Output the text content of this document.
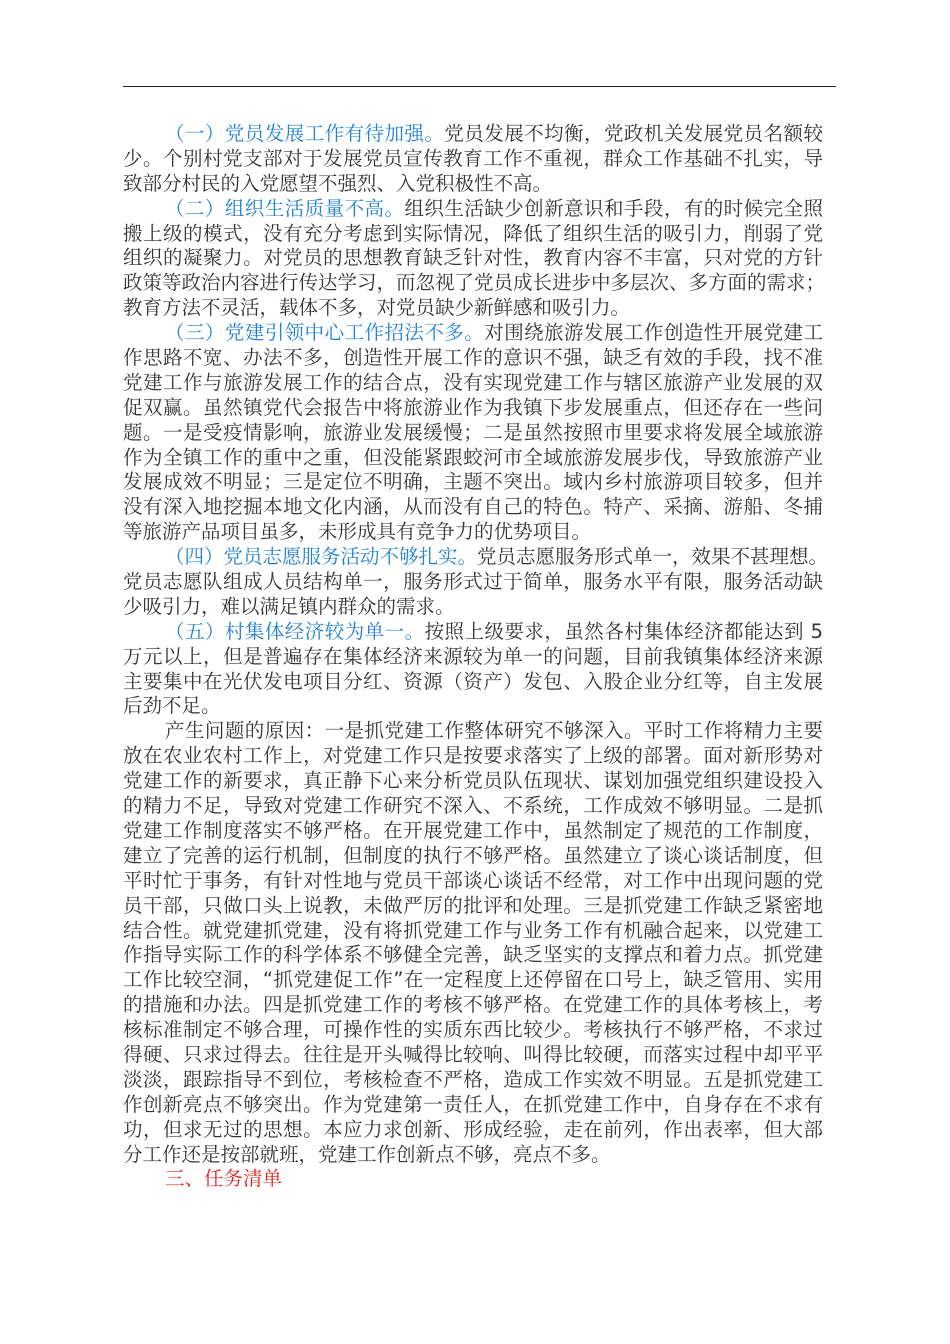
（一）党员发展工作有待加强。党员发展不均衡，党政机关发展党员名额较
少。个别村党支部对于发展党员宣传教育工作不重视，群众工作基础不扎实，导
致部分村民的入党愿望不强烈、入党积极性不高。
（二）组织生活质量不高。组织生活缺少创新意识和手段，有的时候完全照
搬上级的模式，没有充分考虑到实际情况，降低了组织生活的吸引力，削弱了党
组织的凝聚力。对党员的思想教育缺乏针对性，教育内容不丰富，只对党的方针
政策等政治内容进行传达学习，而忽视了党员成长进步中多层次、多方面的需求；
教育方法不灵活，载体不多，对党员缺少新鲜感和吸引力。
（三）党建引领中心工作招法不多。对围绕旅游发展工作创造性开展党建工
作思路不宽、办法不多，创造性开展工作的意识不强，缺乏有效的手段，找不准
党建工作与旅游发展工作的结合点，没有实现党建工作与辖区旅游产业发展的双
促双赢。虽然镇党代会报告中将旅游业作为我镇下步发展重点，但还存在一些问
题。一是受疫情影响，旅游业发展缓慢；二是虽然按照市里要求将发展全域旅游
作为全镇工作的重中之重，但没能紧跟蛟河市全域旅游发展步伐，导致旅游产业
发展成效不明显；三是定位不明确，主题不突出。域内乡村旅游项目较多，但并
没有深入地挖掘本地文化内涵，从而没有自己的特色。特产、采摘、游船、冬捕
等旅游产品项目虽多，未形成具有竞争力的优势项目。
（四）党员志愿服务活动不够扎实。党员志愿服务形式单一，效果不甚理想。
党员志愿队组成人员结构单一，服务形式过于简单，服务水平有限，服务活动缺
少吸引力，难以满足镇内群众的需求。
（五）村集体经济较为单一。按照上级要求，虽然各村集体经济都能达到 5
万元以上，但是普遍存在集体经济来源较为单一的问题，目前我镇集体经济来源
主要集中在光伏发电项目分红、资源（资产）发包、入股企业分红等，自主发展
后劲不足。
产生问题的原因：一是抓党建工作整体研究不够深入。平时工作将精力主要
放在农业农村工作上，对党建工作只是按要求落实了上级的部署。面对新形势对
党建工作的新要求，真正静下心来分析党员队伍现状、谋划加强党组织建设投入
的精力不足，导致对党建工作研究不深入、不系统，工作成效不够明显。二是抓
党建工作制度落实不够严格。在开展党建工作中，虽然制定了规范的工作制度，
建立了完善的运行机制，但制度的执行不够严格。虽然建立了谈心谈话制度，但
平时忙于事务，有针对性地与党员干部谈心谈话不经常，对工作中出现问题的党
员干部，只做口头上说教，未做严厉的批评和处理。三是抓党建工作缺乏紧密地
结合性。就党建抓党建，没有将抓党建工作与业务工作有机融合起来，以党建工
作指导实际工作的科学体系不够健全完善，缺乏坚实的支撑点和着力点。抓党建
工作比较空洞，“抓党建促工作”在一定程度上还停留在口号上，缺乏管用、实用
的措施和办法。四是抓党建工作的考核不够严格。在党建工作的具体考核上，考
核标准制定不够合理，可操作性的实质东西比较少。考核执行不够严格，不求过
得硬、只求过得去。往往是开头喊得比较响、叫得比较硬，而落实过程中却平平
淡淡，跟踪指导不到位，考核检查不严格，造成工作实效不明显。五是抓党建工
作创新亮点不够突出。作为党建第一责任人，在抓党建工作中，自身存在不求有
功，但求无过的思想。本应力求创新、形成经验，走在前列，作出表率，但大部
分工作还是按部就班，党建工作创新点不够，亮点不多。
三、任务清单
